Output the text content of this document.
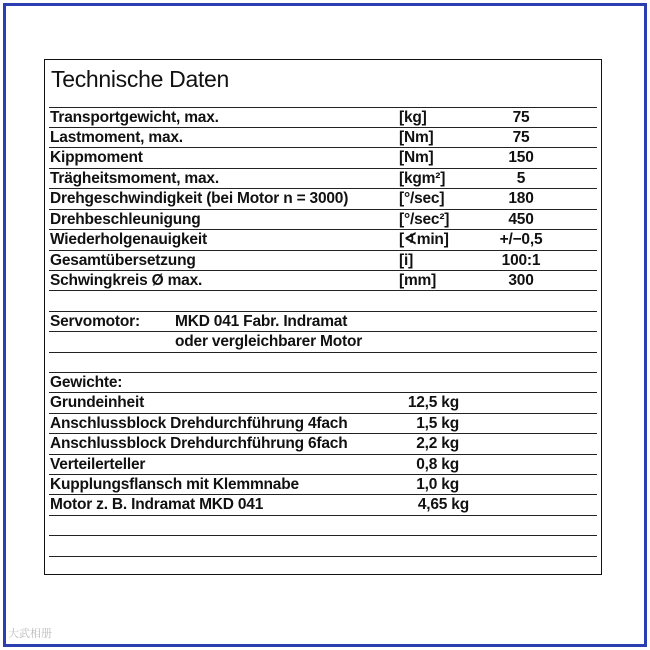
Technische Daten
Transportgewicht, max.	[kg]	75
Lastmoment, max.	[Nm]	75
Kippmoment	[Nm]	150
Trägheitsmoment, max.	[kgm²]	5
Drehgeschwindigkeit (bei Motor n = 3000)	[°/sec]	180
Drehbeschleunigung	[°/sec²]	450
Wiederholgenauigkeit	[∢min]	+/−0,5
Gesamtübersetzung	[i]	100:1
Schwingkreis Ø max.	[mm]	300
Servomotor: MKD 041 Fabr. Indramat
oder vergleichbarer Motor
Gewichte:
Grundeinheit	12,5 kg
Anschlussblock Drehdurchführung 4fach	1,5 kg
Anschlussblock Drehdurchführung 6fach	2,2 kg
Verteilerteller	0,8 kg
Kupplungsflansch mit Klemmnabe	1,0 kg
Motor z. B. Indramat MKD 041	4,65 kg
大武相册
